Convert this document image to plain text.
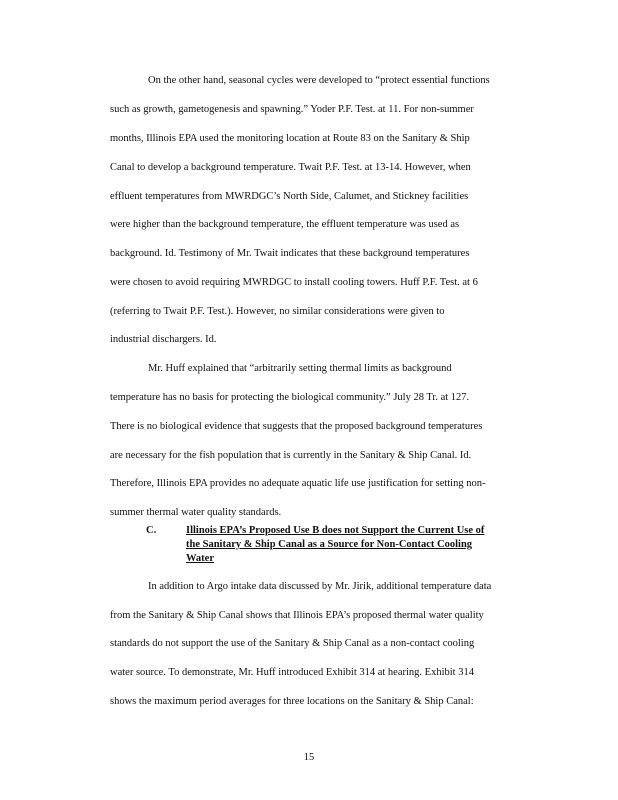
On the other hand, seasonal cycles were developed to “protect essential functions
such as growth, gametogenesis and spawning.” Yoder P.F. Test. at 11. For non-summer
months, Illinois EPA used the monitoring location at Route 83 on the Sanitary & Ship
Canal to develop a background temperature. Twait P.F. Test. at 13-14. However, when
effluent temperatures from MWRDGC’s North Side, Calumet, and Stickney facilities
were higher than the background temperature, the effluent temperature was used as
background. Id. Testimony of Mr. Twait indicates that these background temperatures
were chosen to avoid requiring MWRDGC to install cooling towers. Huff P.F. Test. at 6
(referring to Twait P.F. Test.). However, no similar considerations were given to
industrial dischargers. Id.
Mr. Huff explained that “arbitrarily setting thermal limits as background
temperature has no basis for protecting the biological community.” July 28 Tr. at 127.
There is no biological evidence that suggests that the proposed background temperatures
are necessary for the fish population that is currently in the Sanitary & Ship Canal. Id.
Therefore, Illinois EPA provides no adequate aquatic life use justification for setting non-
summer thermal water quality standards.
C.	Illinois EPA’s Proposed Use B does not Support the Current Use of
the Sanitary & Ship Canal as a Source for Non-Contact Cooling
Water
In addition to Argo intake data discussed by Mr. Jirik, additional temperature data
from the Sanitary & Ship Canal shows that Illinois EPA’s proposed thermal water quality
standards do not support the use of the Sanitary & Ship Canal as a non-contact cooling
water source. To demonstrate, Mr. Huff introduced Exhibit 314 at hearing. Exhibit 314
shows the maximum period averages for three locations on the Sanitary & Ship Canal:
15
